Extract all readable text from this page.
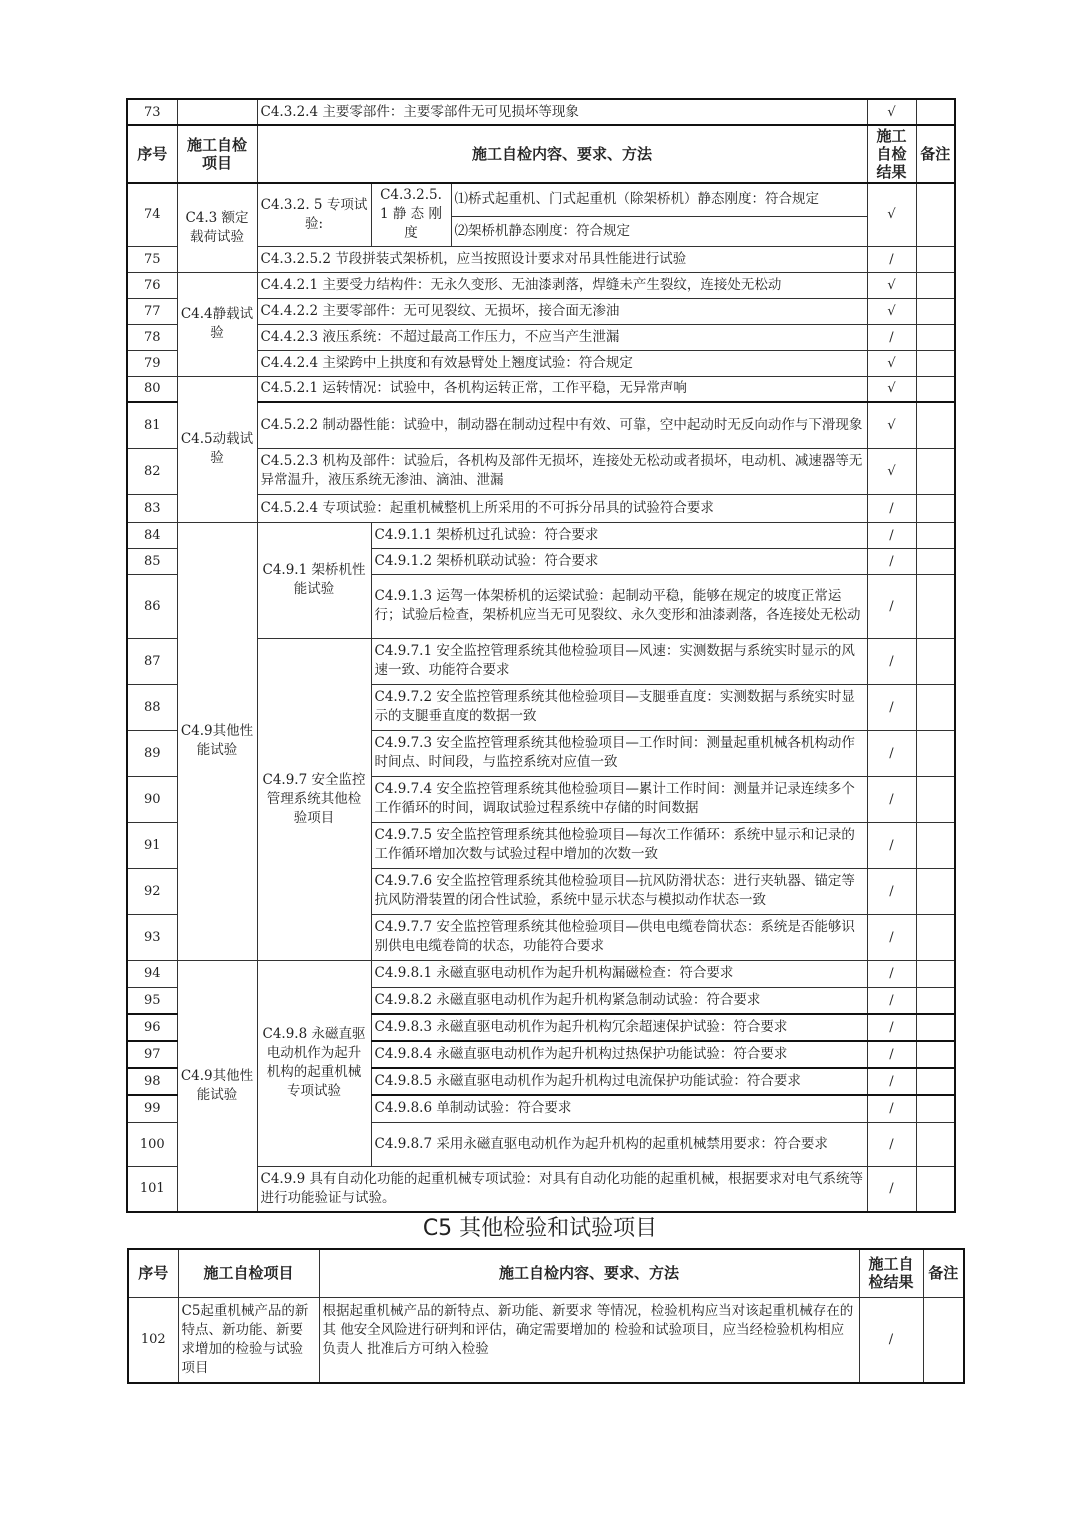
73		C4.3.2.4 主要零部件：主要零部件无可见损坏等现象			√	
序号	施工自检项目	施工自检内容、要求、方法			施工自检结果	备注
74	C4.3 额定载荷试验	C4.3.2. 5 专项试 验:	C4.3.2.5. 1 静 态 刚 度	⑴桥式起重机、门式起重机（除架桥机）静态刚度：符合规定	√	
				⑵架桥机静态刚度：符合规定		
75		C4.3.2.5.2 节段拼装式架桥机，应当按照设计要求对吊具性能进行试验			/	
76	C4.4静载试验	C4.4.2.1 主要受力结构件：无永久变形、无油漆剥落，焊缝未产生裂纹，连接处无松动			√	
77		C4.4.2.2 主要零部件：无可见裂纹、无损坏，接合面无渗油			√	
78		C4.4.2.3 液压系统：不超过最高工作压力，不应当产生泄漏			/	
79		C4.4.2.4 主梁跨中上拱度和有效悬臂处上翘度试验：符合规定			√	
80	C4.5动载试验	C4.5.2.1 运转情况：试验中，各机构运转正常，工作平稳，无异常声响			√	
81		C4.5.2.2 制动器性能：试验中，制动器在制动过程中有效、可靠，空中起动时无反向动作与下滑现象			√	
82		C4.5.2.3 机构及部件：试验后，各机构及部件无损坏，连接处无松动或者损坏，电动机、减速器等无异常温升，液压系统无渗油、滴油、泄漏			√	
83		C4.5.2.4 专项试验：起重机械整机上所采用的不可拆分吊具的试验符合要求			/	
84	C4.9其他性能试验	C4.9.1 架桥机性能试验	C4.9.1.1 架桥机过孔试验：符合要求		/	
85			C4.9.1.2 架桥机联动试验：符合要求		/	
86			C4.9.1.3 运驾一体架桥机的运梁试验：起制动平稳，能够在规定的坡度正常运行；试验后检查，架桥机应当无可见裂纹、永久变形和油漆剥落，各连接处无松动		/	
87		C4.9.7 安全监控管理系统其他检验项目	C4.9.7.1 安全监控管理系统其他检验项目—风速：实测数据与系统实时显示的风速一致、功能符合要求		/	
88			C4.9.7.2 安全监控管理系统其他检验项目—支腿垂直度：实测数据与系统实时显示的支腿垂直度的数据一致		/	
89			C4.9.7.3 安全监控管理系统其他检验项目—工作时间：测量起重机械各机构动作时间点、时间段，与监控系统对应值一致		/	
90			C4.9.7.4 安全监控管理系统其他检验项目—累计工作时间：测量并记录连续多个工作循环的时间，调取试验过程系统中存储的时间数据		/	
91			C4.9.7.5 安全监控管理系统其他检验项目—每次工作循环：系统中显示和记录的工作循环增加次数与试验过程中增加的次数一致		/	
92			C4.9.7.6 安全监控管理系统其他检验项目—抗风防滑状态：进行夹轨器、锚定等抗风防滑装置的闭合性试验，系统中显示状态与模拟动作状态一致		/	
93			C4.9.7.7 安全监控管理系统其他检验项目—供电电缆卷筒状态：系统是否能够识别供电电缆卷筒的状态，功能符合要求		/	
94	C4.9其他性能试验	C4.9.8 永磁直驱电动机作为起升机构的起重机械专项试验	C4.9.8.1 永磁直驱电动机作为起升机构漏磁检查：符合要求		/	
95			C4.9.8.2 永磁直驱电动机作为起升机构紧急制动试验：符合要求		/	
96			C4.9.8.3 永磁直驱电动机作为起升机构冗余超速保护试验：符合要求		/	
97			C4.9.8.4 永磁直驱电动机作为起升机构过热保护功能试验：符合要求		/	
98			C4.9.8.5 永磁直驱电动机作为起升机构过电流保护功能试验：符合要求		/	
99			C4.9.8.6 单制动试验：符合要求		/	
100			C4.9.8.7 采用永磁直驱电动机作为起升机构的起重机械禁用要求：符合要求		/	
101		C4.9.9 具有自动化功能的起重机械专项试验：对具有自动化功能的起重机械，根据要求对电气系统等进行功能验证与试验。			/	
C5 其他检验和试验项目
序号	施工自检项目	施工自检内容、要求、方法	施工自检结果	备注
102	C5起重机械产品的新特点、新功能、新要求增加的检验与试验项目	根据起重机械产品的新特点、新功能、新要求 等情况，检验机构应当对该起重机械存在的其 他安全风险进行研判和评估，确定需要增加的 检验和试验项目，应当经检验机构相应负责人 批准后方可纳入检验	/	
